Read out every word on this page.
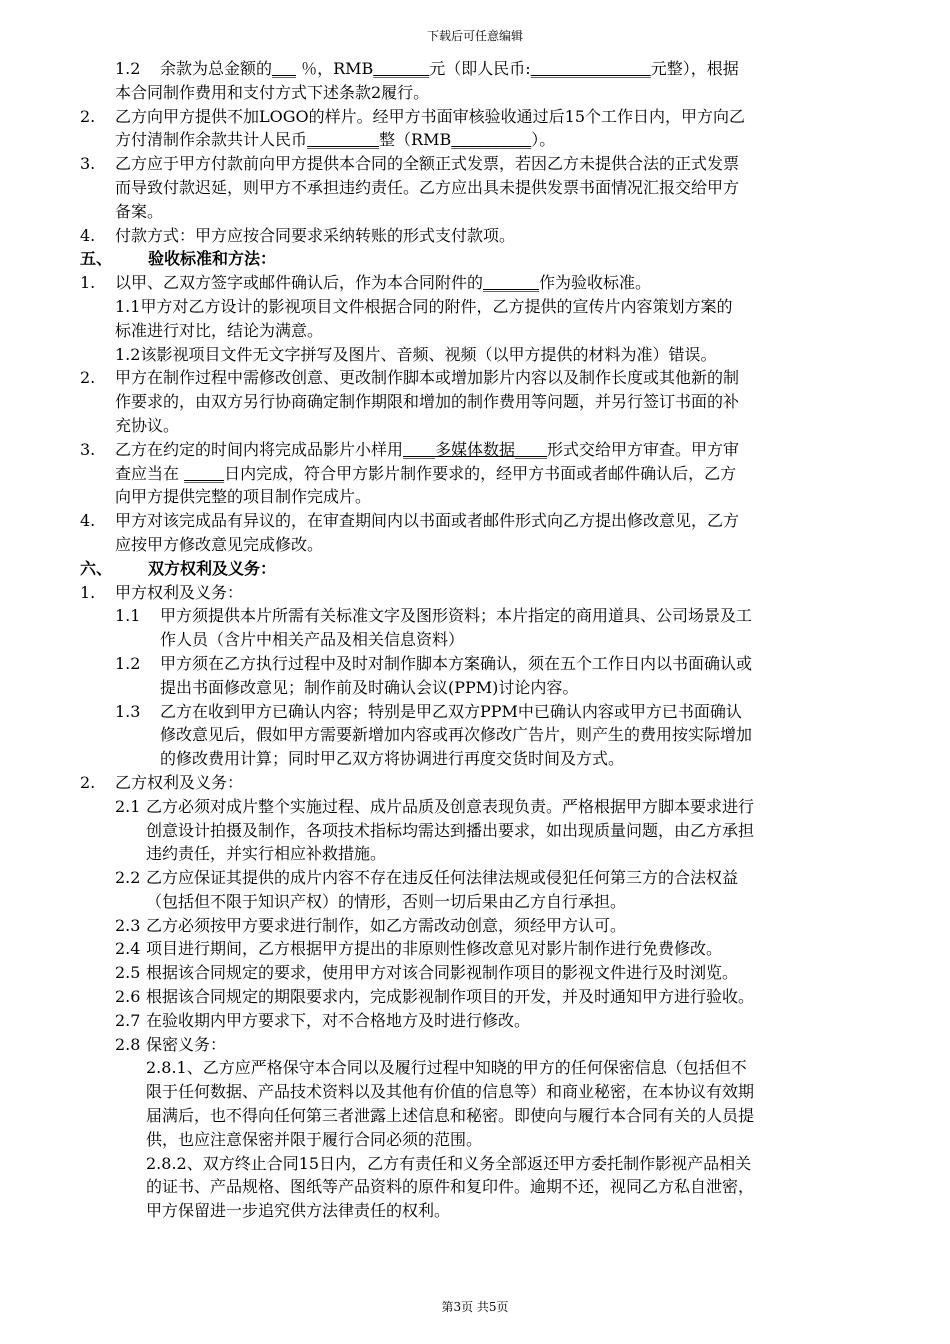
下载后可任意编辑
1.2 余款为总金额的___ ％，RMB_______元（即人民币:_______________元整），根据
本合同制作费用和支付方式下述条款2履行。
2. 乙方向甲方提供不加LOGO的样片。经甲方书面审核验收通过后15个工作日内，甲方向乙
方付清制作余款共计人民币_________整（RMB__________）。
3. 乙方应于甲方付款前向甲方提供本合同的全额正式发票，若因乙方未提供合法的正式发票
而导致付款迟延，则甲方不承担违约责任。乙方应出具未提供发票书面情况汇报交给甲方
备案。
4. 付款方式：甲方应按合同要求采纳转账的形式支付款项。
五、 验收标准和方法：
1. 以甲、乙双方签字或邮件确认后，作为本合同附件的_______作为验收标准。
1.1甲方对乙方设计的影视项目文件根据合同的附件，乙方提供的宣传片内容策划方案的
标准进行对比，结论为满意。
1.2该影视项目文件无文字拼写及图片、音频、视频（以甲方提供的材料为准）错误。
2. 甲方在制作过程中需修改创意、更改制作脚本或增加影片内容以及制作长度或其他新的制
作要求的，由双方另行协商确定制作期限和增加的制作费用等问题，并另行签订书面的补
充协议。
3. 乙方在约定的时间内将完成品影片小样用____多媒体数据____形式交给甲方审查。甲方审
查应当在 _____日内完成，符合甲方影片制作要求的，经甲方书面或者邮件确认后，乙方
向甲方提供完整的项目制作完成片。
4. 甲方对该完成品有异议的，在审查期间内以书面或者邮件形式向乙方提出修改意见，乙方
应按甲方修改意见完成修改。
六、 双方权利及义务：
1. 甲方权利及义务：
1.1 甲方须提供本片所需有关标准文字及图形资料；本片指定的商用道具、公司场景及工
作人员（含片中相关产品及相关信息资料）
1.2 甲方须在乙方执行过程中及时对制作脚本方案确认，须在五个工作日内以书面确认或
提出书面修改意见；制作前及时确认会议(PPM)讨论内容。
1.3 乙方在收到甲方已确认内容；特别是甲乙双方PPM中已确认内容或甲方已书面确认
修改意见后，假如甲方需要新增加内容或再次修改广告片，则产生的费用按实际增加
的修改费用计算；同时甲乙双方将协调进行再度交货时间及方式。
2. 乙方权利及义务：
2.1 乙方必须对成片整个实施过程、成片品质及创意表现负责。严格根据甲方脚本要求进行
创意设计拍摄及制作，各项技术指标均需达到播出要求，如出现质量问题，由乙方承担
违约责任，并实行相应补救措施。
2.2 乙方应保证其提供的成片内容不存在违反任何法律法规或侵犯任何第三方的合法权益
（包括但不限于知识产权）的情形，否则一切后果由乙方自行承担。
2.3 乙方必须按甲方要求进行制作，如乙方需改动创意，须经甲方认可。
2.4 项目进行期间，乙方根据甲方提出的非原则性修改意见对影片制作进行免费修改。
2.5 根据该合同规定的要求，使用甲方对该合同影视制作项目的影视文件进行及时浏览。
2.6 根据该合同规定的期限要求内，完成影视制作项目的开发，并及时通知甲方进行验收。
2.7 在验收期内甲方要求下，对不合格地方及时进行修改。
2.8 保密义务：
2.8.1、乙方应严格保守本合同以及履行过程中知晓的甲方的任何保密信息（包括但不
限于任何数据、产品技术资料以及其他有价值的信息等）和商业秘密，在本协议有效期
届满后，也不得向任何第三者泄露上述信息和秘密。即使向与履行本合同有关的人员提
供，也应注意保密并限于履行合同必须的范围。
2.8.2、双方终止合同15日内，乙方有责任和义务全部返还甲方委托制作影视产品相关
的证书、产品规格、图纸等产品资料的原件和复印件。逾期不还，视同乙方私自泄密，
甲方保留进一步追究供方法律责任的权利。
第3页 共5页
